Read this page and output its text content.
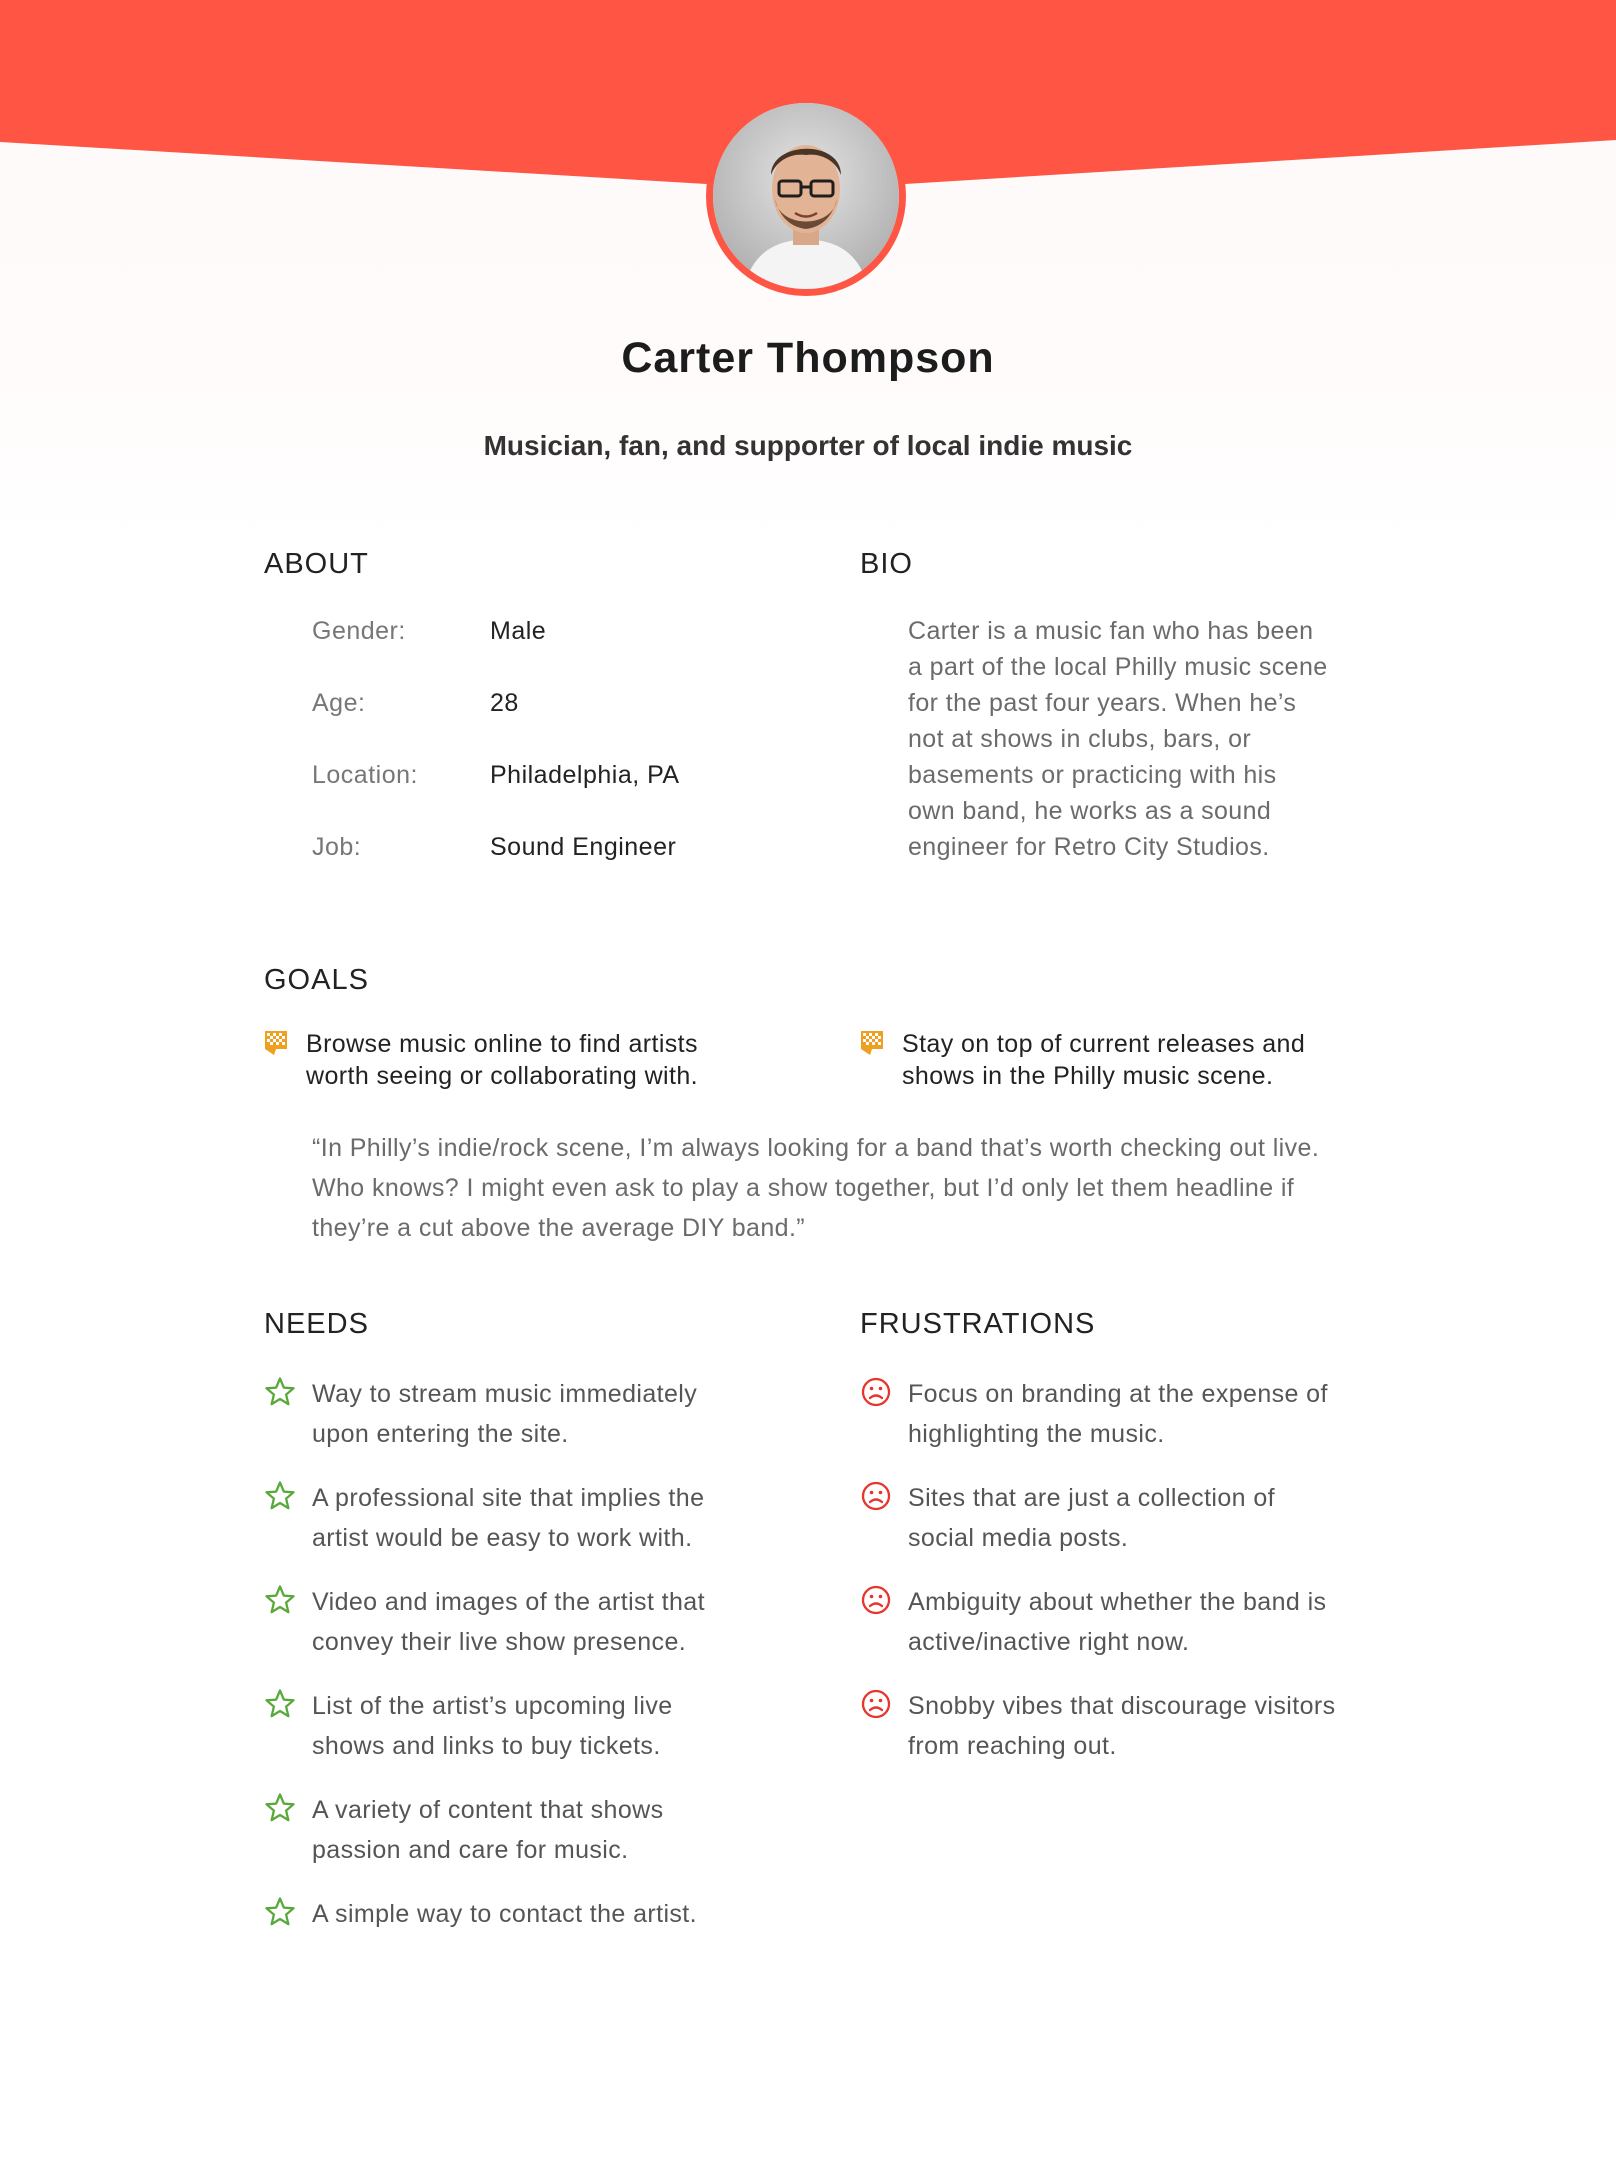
Carter Thompson

Musician, fan, and supporter of local indie music

ABOUT
Gender:	Male
Age:	28
Location:	Philadelphia, PA
Job:	Sound Engineer
BIO

Carter is a music fan who has been a part of the local Philly music scene for the past four years. When he’s not at shows in clubs, bars, or basements or practicing with his own band, he works as a sound engineer for Retro City Studios.

GOALS

Browse music online to find artists worth seeing or collaborating with.

Stay on top of current releases and shows in the Philly music scene.

“In Philly’s indie/rock scene, I’m always looking for a band that’s worth checking out live. Who knows? I might even ask to play a show together, but I’d only let them headline if they’re a cut above the average DIY band.”

NEEDS

Way to stream music immediately upon entering the site.

A professional site that implies the artist would be easy to work with.

Video and images of the artist that convey their live show presence.

List of the artist’s upcoming live shows and links to buy tickets.

A variety of content that shows passion and care for music.

A simple way to contact the artist.

FRUSTRATIONS

Focus on branding at the expense of highlighting the music.

Sites that are just a collection of social media posts.

Ambiguity about whether the band is active/inactive right now.

Snobby vibes that discourage visitors from reaching out.
